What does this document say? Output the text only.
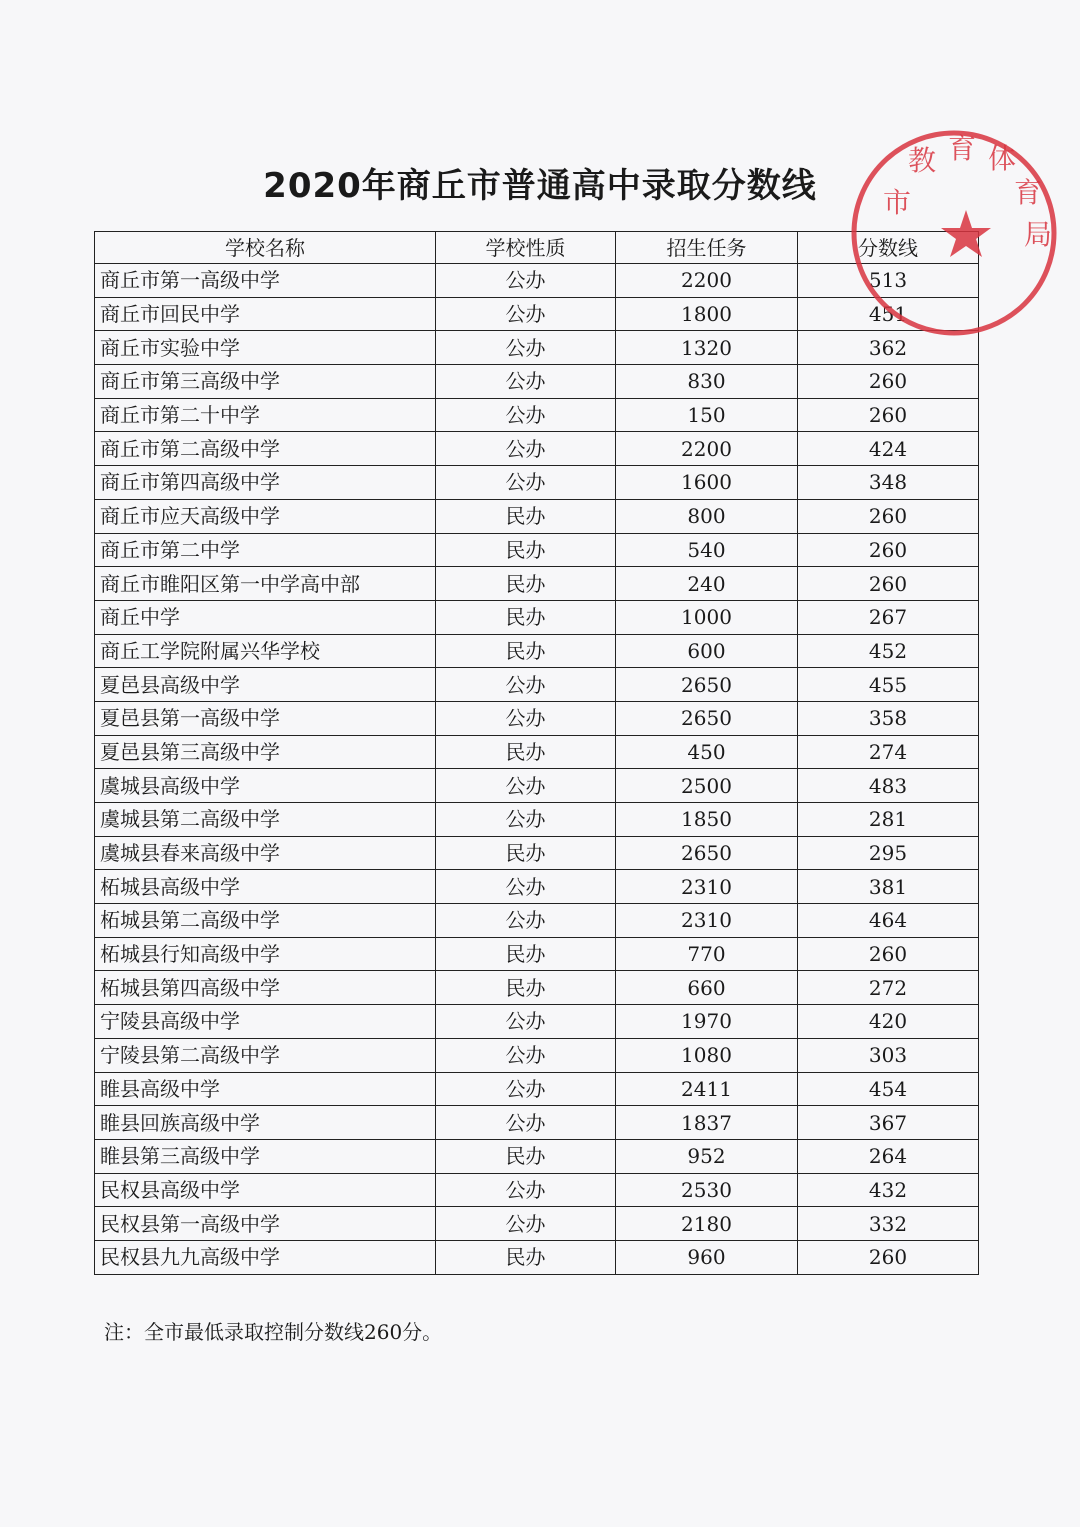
2020年商丘市普通高中录取分数线
学校名称	学校性质	招生任务	分数线
商丘市第一高级中学	公办	2200	513
商丘市回民中学	公办	1800	451
商丘市实验中学	公办	1320	362
商丘市第三高级中学	公办	830	260
商丘市第二十中学	公办	150	260
商丘市第二高级中学	公办	2200	424
商丘市第四高级中学	公办	1600	348
商丘市应天高级中学	民办	800	260
商丘市第二中学	民办	540	260
商丘市睢阳区第一中学高中部	民办	240	260
商丘中学	民办	1000	267
商丘工学院附属兴华学校	民办	600	452
夏邑县高级中学	公办	2650	455
夏邑县第一高级中学	公办	2650	358
夏邑县第三高级中学	民办	450	274
虞城县高级中学	公办	2500	483
虞城县第二高级中学	公办	1850	281
虞城县春来高级中学	民办	2650	295
柘城县高级中学	公办	2310	381
柘城县第二高级中学	公办	2310	464
柘城县行知高级中学	民办	770	260
柘城县第四高级中学	民办	660	272
宁陵县高级中学	公办	1970	420
宁陵县第二高级中学	公办	1080	303
睢县高级中学	公办	2411	454
睢县回族高级中学	公办	1837	367
睢县第三高级中学	民办	952	264
民权县高级中学	公办	2530	432
民权县第一高级中学	公办	2180	332
民权县九九高级中学	民办	960	260
注：全市最低录取控制分数线260分。
市
教 育 体
育
局
